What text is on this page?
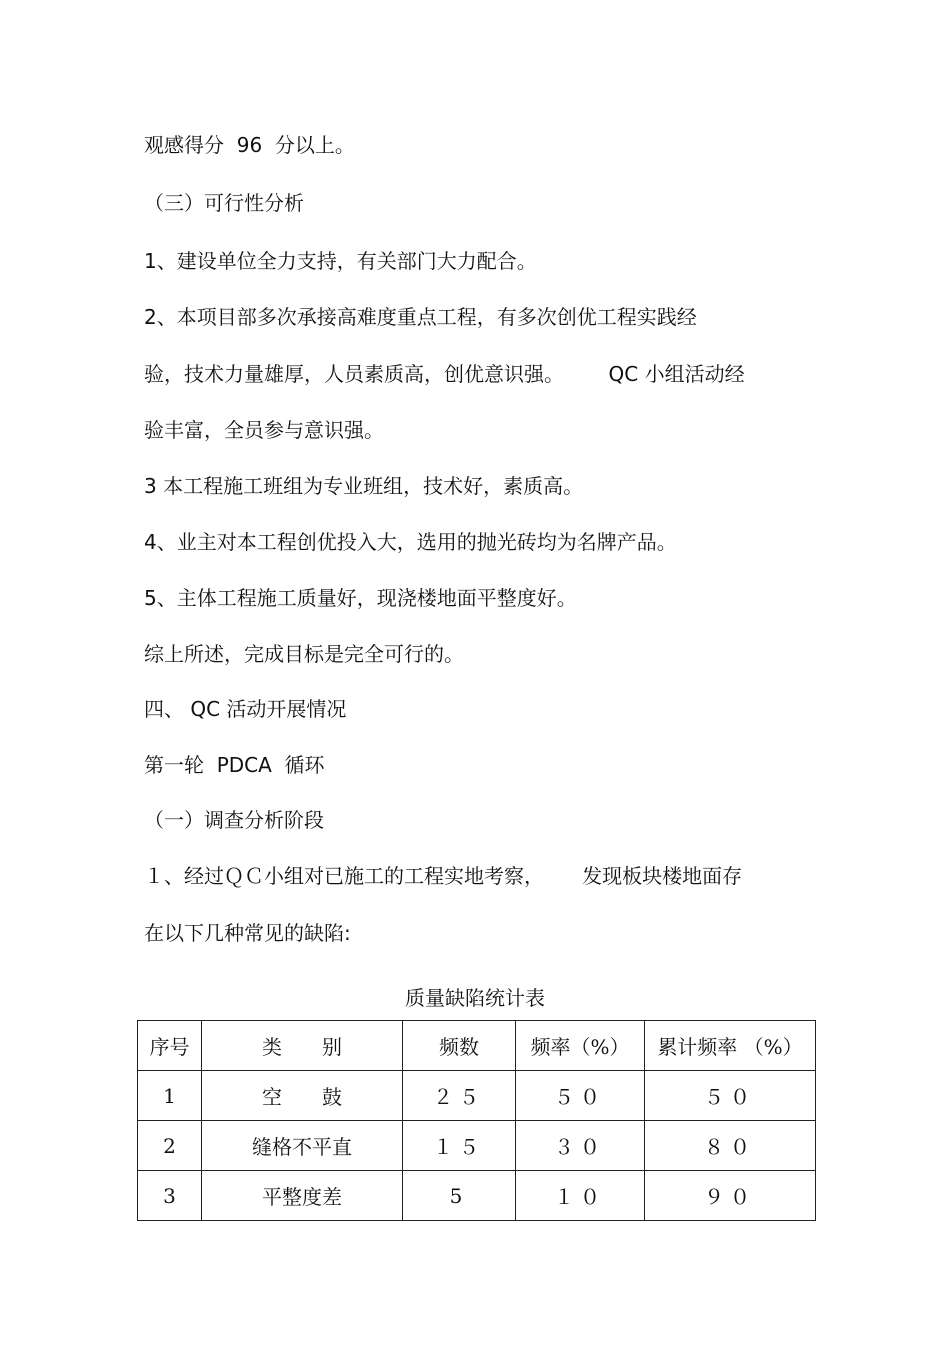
观感得分  96  分以上。
（三）可行性分析
1、建设单位全力支持，有关部门大力配合。
2、本项目部多次承接高难度重点工程，有多次创优工程实践经
验，技术力量雄厚，人员素质高，创优意识强。       QC 小组活动经
验丰富，全员参与意识强。
3 本工程施工班组为专业班组，技术好，素质高。
4、业主对本工程创优投入大，选用的抛光砖均为名牌产品。
5、主体工程施工质量好，现浇楼地面平整度好。
综上所述，完成目标是完全可行的。
四、 QC 活动开展情况
第一轮  PDCA  循环
（一）调查分析阶段
１、经过ＱＣ小组对已施工的工程实地考察，      发现板块楼地面存
在以下几种常见的缺陷:
质量缺陷统计表
序号	类　　别	频数	频率（%）	累计频率 （%）
1	空　　鼓	２５	５０	５０
2	缝格不平直	１５	３０	８０
3	平整度差	5	１０	９０
